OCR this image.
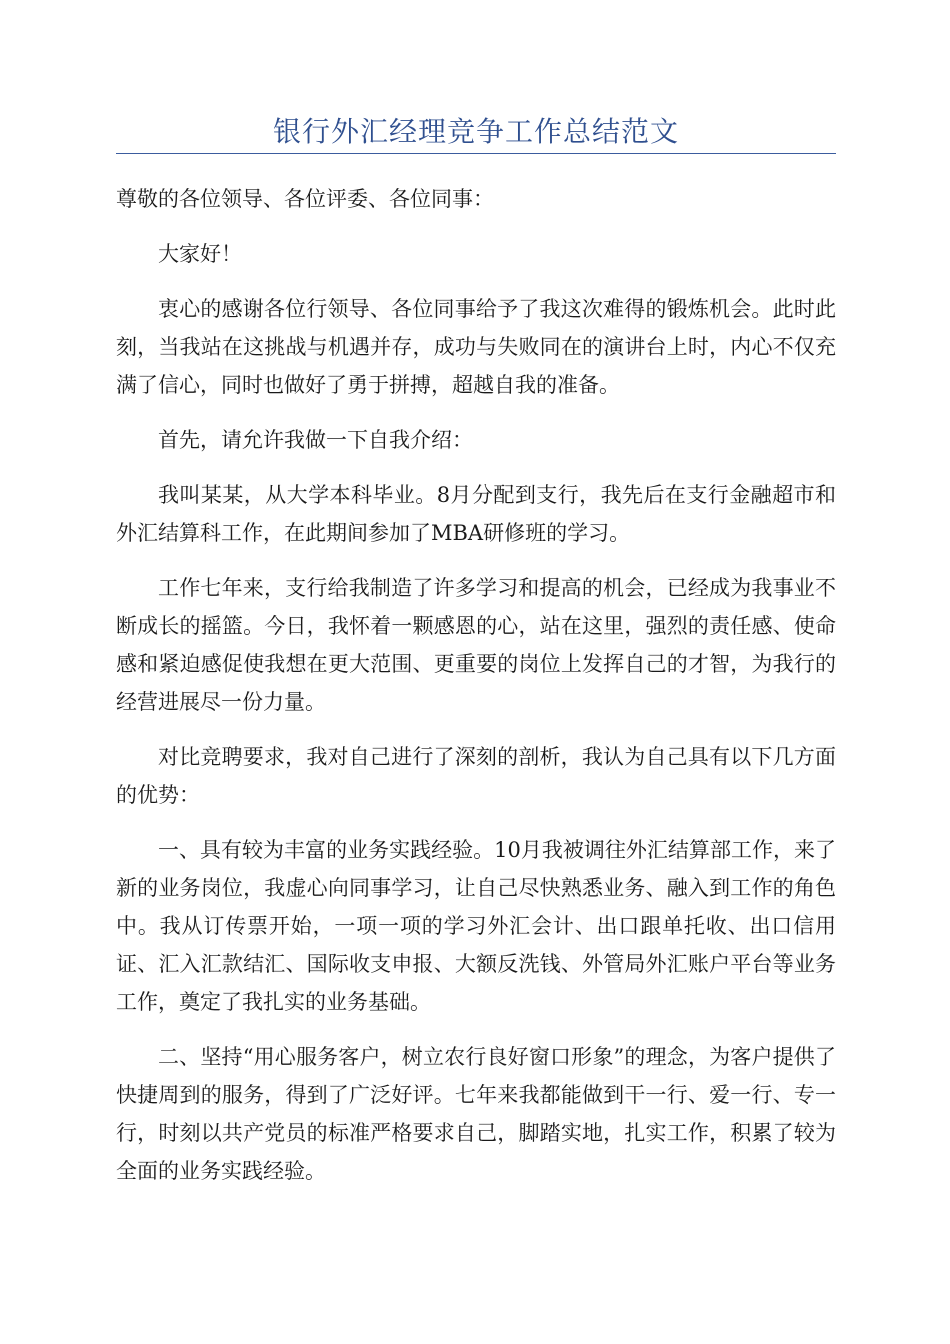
银行外汇经理竞争工作总结范文

尊敬的各位领导、各位评委、各位同事：

大家好！

衷心的感谢各位行领导、各位同事给予了我这次难得的锻炼机会。此时此刻，当我站在这挑战与机遇并存，成功与失败同在的演讲台上时，内心不仅充满了信心，同时也做好了勇于拼搏，超越自我的准备。

首先，请允许我做一下自我介绍：

我叫某某，从大学本科毕业。8月分配到支行，我先后在支行金融超市和外汇结算科工作，在此期间参加了MBA研修班的学习。

工作七年来，支行给我制造了许多学习和提高的机会，已经成为我事业不断成长的摇篮。今日，我怀着一颗感恩的心，站在这里，强烈的责任感、使命感和紧迫感促使我想在更大范围、更重要的岗位上发挥自己的才智，为我行的经营进展尽一份力量。

对比竞聘要求，我对自己进行了深刻的剖析，我认为自己具有以下几方面的优势：

一、具有较为丰富的业务实践经验。10月我被调往外汇结算部工作，来了新的业务岗位，我虚心向同事学习，让自己尽快熟悉业务、融入到工作的角色中。我从订传票开始，一项一项的学习外汇会计、出口跟单托收、出口信用证、汇入汇款结汇、国际收支申报、大额反洗钱、外管局外汇账户平台等业务工作，奠定了我扎实的业务基础。

二、坚持“用心服务客户，树立农行良好窗口形象”的理念，为客户提供了快捷周到的服务，得到了广泛好评。七年来我都能做到干一行、爱一行、专一行，时刻以共产党员的标准严格要求自己，脚踏实地，扎实工作，积累了较为全面的业务实践经验。
